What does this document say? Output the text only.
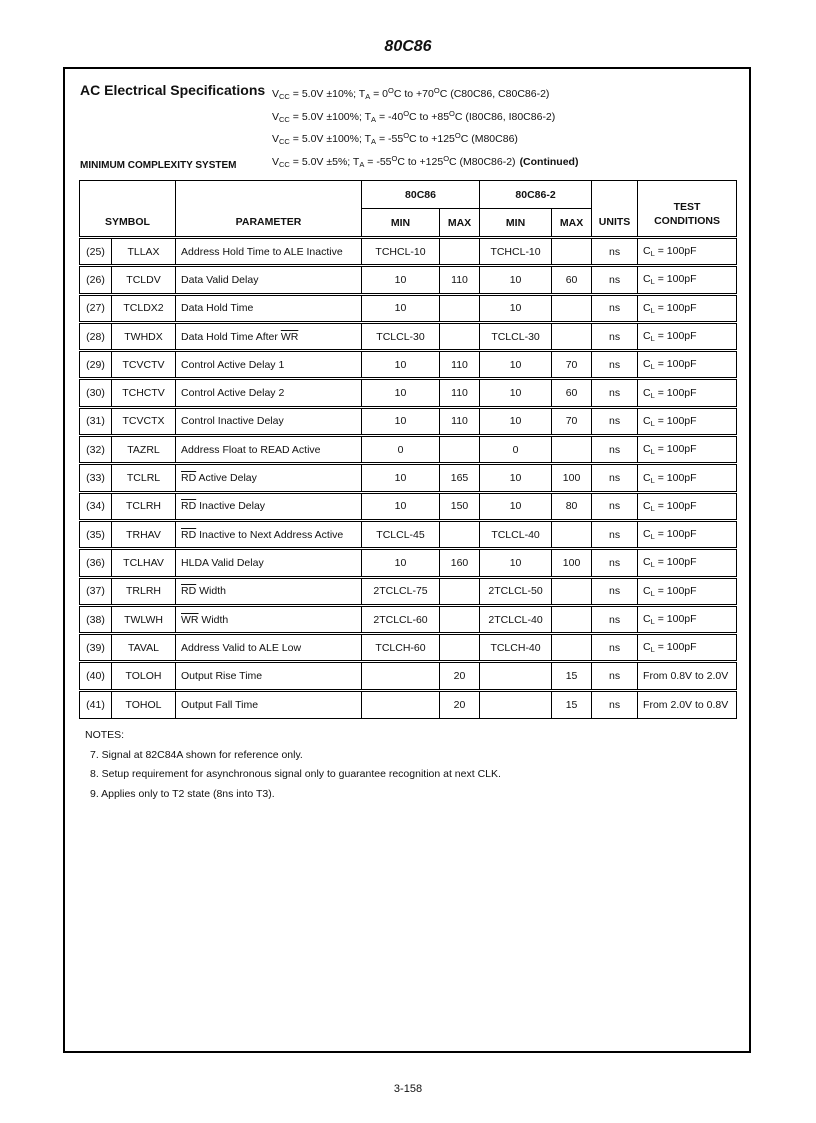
80C86
AC Electrical Specifications $V_{CC} = 5.0V \pm 10\%$; $T_A = 0^OC$ to $+70^OC$ (C80C86, C80C86-2)
$V_{CC} = 5.0V \pm 100\%$; $T_A = -40^OC$ to $+85^OC$ (I80C86, I80C86-2)
$V_{CC} = 5.0V \pm 100\%$; $T_A = -55^OC$ to $+125^OC$ (M80C86)
$V_{CC} = 5.0V \pm 5\%$; $T_A = -55^OC$ to $+125^OC$ (M80C86-2) (Continued)
MINIMUM COMPLEXITY SYSTEM
SYMBOL		PARAMETER	80C86		80C86-2		UNITS	TEST
CONDITIONS
			MIN	MAX	MIN	MAX		
(25)	TLLAX	Address Hold Time to ALE Inactive	TCHCL-10		TCHCL-10		ns	$C_L = 100pF$
(26)	TCLDV	Data Valid Delay	10	110	10	60	ns	$C_L = 100pF$
(27)	TCLDX2	Data Hold Time	10		10		ns	$C_L = 100pF$
(28)	TWHDX	Data Hold Time After $\overline{WR}$	TCLCL-30		TCLCL-30		ns	$C_L = 100pF$
(29)	TCVCTV	Control Active Delay 1	10	110	10	70	ns	$C_L = 100pF$
(30)	TCHCTV	Control Active Delay 2	10	110	10	60	ns	$C_L = 100pF$
(31)	TCVCTX	Control Inactive Delay	10	110	10	70	ns	$C_L = 100pF$
(32)	TAZRL	Address Float to READ Active	0		0		ns	$C_L = 100pF$
(33)	TCLRL	$\overline{RD}$ Active Delay	10	165	10	100	ns	$C_L = 100pF$
(34)	TCLRH	$\overline{RD}$ Inactive Delay	10	150	10	80	ns	$C_L = 100pF$
(35)	TRHAV	$\overline{RD}$ Inactive to Next Address Active	TCLCL-45		TCLCL-40		ns	$C_L = 100pF$
(36)	TCLHAV	HLDA Valid Delay	10	160	10	100	ns	$C_L = 100pF$
(37)	TRLRH	$\overline{RD}$ Width	2TCLCL-75		2TCLCL-50		ns	$C_L = 100pF$
(38)	TWLWH	$\overline{WR}$ Width	2TCLCL-60		2TCLCL-40		ns	$C_L = 100pF$
(39)	TAVAL	Address Valid to ALE Low	TCLCH-60		TCLCH-40		ns	$C_L = 100pF$
(40)	TOLOH	Output Rise Time		20		15	ns	From 0.8V to 2.0V
(41)	TOHOL	Output Fall Time		20		15	ns	From 2.0V to 0.8V
NOTES:
7. Signal at 82C84A shown for reference only.
8. Setup requirement for asynchronous signal only to guarantee recognition at next CLK.
9. Applies only to T2 state (8ns into T3).
3-158
